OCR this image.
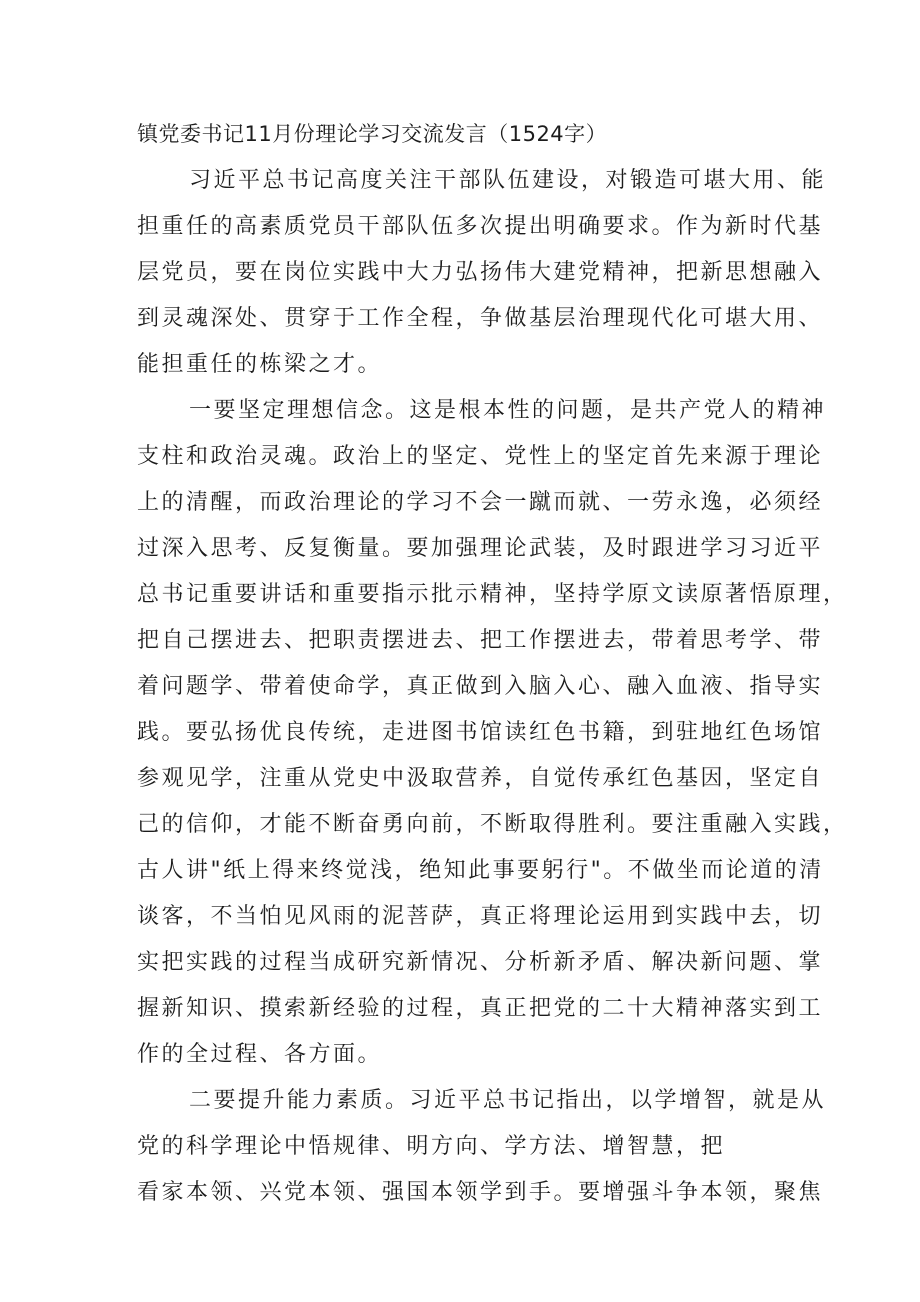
镇党委书记11月份理论学习交流发言（1524字）

习近平总书记高度关注干部队伍建设，对锻造可堪大用、能

担重任的高素质党员干部队伍多次提出明确要求。作为新时代基

层党员，要在岗位实践中大力弘扬伟大建党精神，把新思想融入

到灵魂深处、贯穿于工作全程，争做基层治理现代化可堪大用、

能担重任的栋梁之才。

一要坚定理想信念。这是根本性的问题，是共产党人的精神

支柱和政治灵魂。政治上的坚定、党性上的坚定首先来源于理论

上的清醒，而政治理论的学习不会一蹴而就、一劳永逸，必须经

过深入思考、反复衡量。要加强理论武装，及时跟进学习习近平

总书记重要讲话和重要指示批示精神，坚持学原文读原著悟原理，

把自己摆进去、把职责摆进去、把工作摆进去，带着思考学、带

着问题学、带着使命学，真正做到入脑入心、融入血液、指导实

践。要弘扬优良传统，走进图书馆读红色书籍，到驻地红色场馆

参观见学，注重从党史中汲取营养，自觉传承红色基因，坚定自

己的信仰，才能不断奋勇向前，不断取得胜利。要注重融入实践，

古人讲"纸上得来终觉浅，绝知此事要躬行"。不做坐而论道的清

谈客，不当怕见风雨的泥菩萨，真正将理论运用到实践中去，切

实把实践的过程当成研究新情况、分析新矛盾、解决新问题、掌

握新知识、摸索新经验的过程，真正把党的二十大精神落实到工

作的全过程、各方面。

二要提升能力素质。习近平总书记指出，以学增智，就是从

党的科学理论中悟规律、明方向、学方法、增智慧，把

看家本领、兴党本领、强国本领学到手。要增强斗争本领，聚焦
